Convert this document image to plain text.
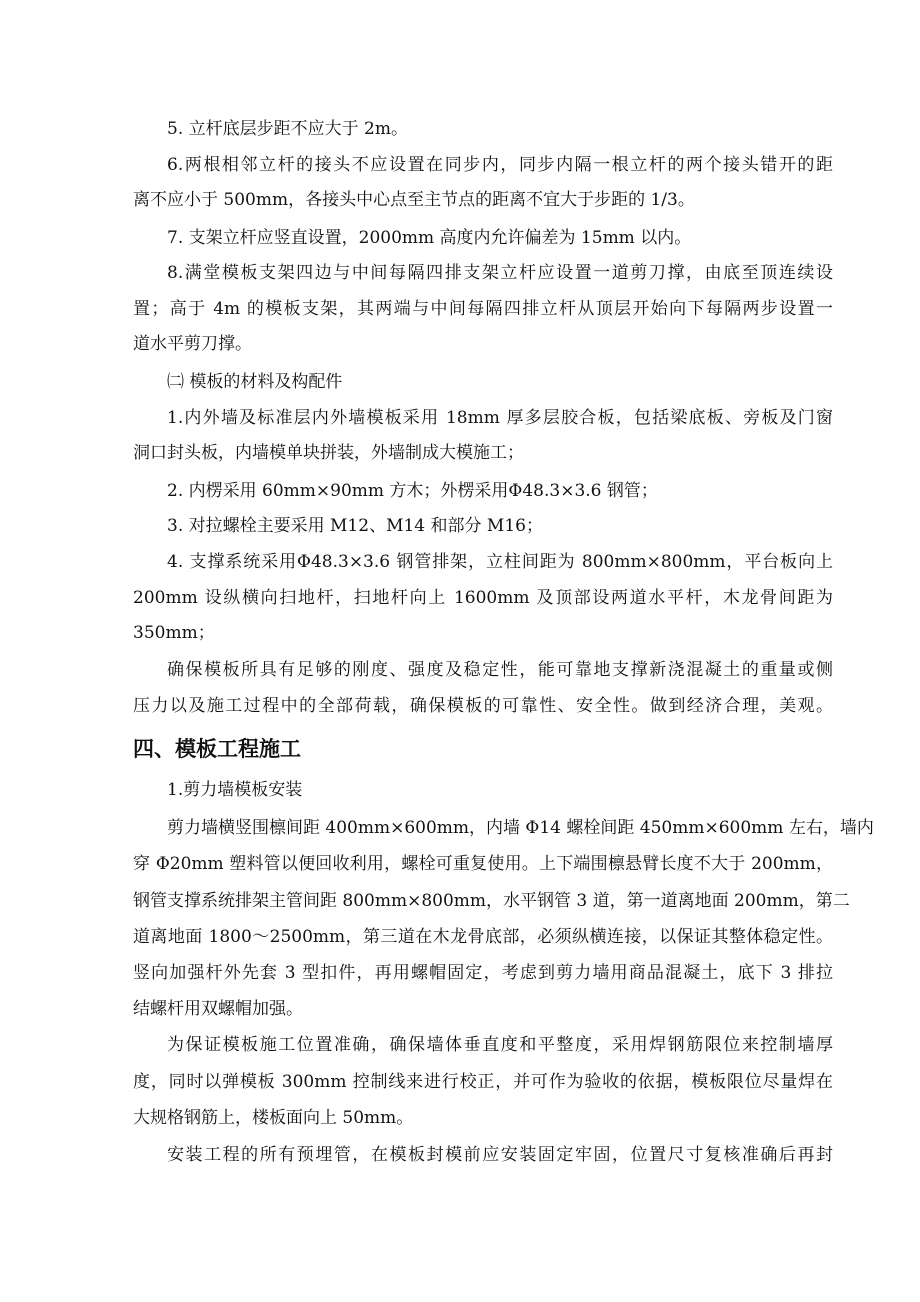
5. 立杆底层步距不应大于 2m。
6.两根相邻立杆的接头不应设置在同步内，同步内隔一根立杆的两个接头错开的距
离不应小于 500mm，各接头中心点至主节点的距离不宜大于步距的 1/3。
7. 支架立杆应竖直设置，2000mm 高度内允许偏差为 15mm 以内。
8.满堂模板支架四边与中间每隔四排支架立杆应设置一道剪刀撑，由底至顶连续设
置；高于 4m 的模板支架，其两端与中间每隔四排立杆从顶层开始向下每隔两步设置一
道水平剪刀撑。
㈡ 模板的材料及构配件
1.内外墙及标准层内外墙模板采用 18mm 厚多层胶合板，包括梁底板、旁板及门窗
洞口封头板，内墙模单块拼装，外墙制成大模施工；
2. 内楞采用 60mm×90mm 方木；外楞采用Φ48.3×3.6 钢管；
3. 对拉螺栓主要采用 M12、M14 和部分 M16；
4. 支撑系统采用Φ48.3×3.6 钢管排架，立柱间距为 800mm×800mm，平台板向上
200mm 设纵横向扫地杆，扫地杆向上 1600mm 及顶部设两道水平杆，木龙骨间距为
350mm；
确保模板所具有足够的刚度、强度及稳定性，能可靠地支撑新浇混凝土的重量或侧
压力以及施工过程中的全部荷载，确保模板的可靠性、安全性。做到经济合理，美观。
四、模板工程施工
1.剪力墙模板安装
剪力墙横竖围檩间距 400mm×600mm，内墙 Φ14 螺栓间距 450mm×600mm 左右，墙内
穿 Φ20mm 塑料管以便回收利用，螺栓可重复使用。上下端围檩悬臂长度不大于 200mm，
钢管支撑系统排架主管间距 800mm×800mm，水平钢管 3 道，第一道离地面 200mm，第二
道离地面 1800～2500mm，第三道在木龙骨底部，必须纵横连接，以保证其整体稳定性。
竖向加强杆外先套 3 型扣件，再用螺帽固定，考虑到剪力墙用商品混凝土，底下 3 排拉
结螺杆用双螺帽加强。
为保证模板施工位置准确，确保墙体垂直度和平整度，采用焊钢筋限位来控制墙厚
度，同时以弹模板 300mm 控制线来进行校正，并可作为验收的依据，模板限位尽量焊在
大规格钢筋上，楼板面向上 50mm。
安装工程的所有预埋管，在模板封模前应安装固定牢固，位置尺寸复核准确后再封
